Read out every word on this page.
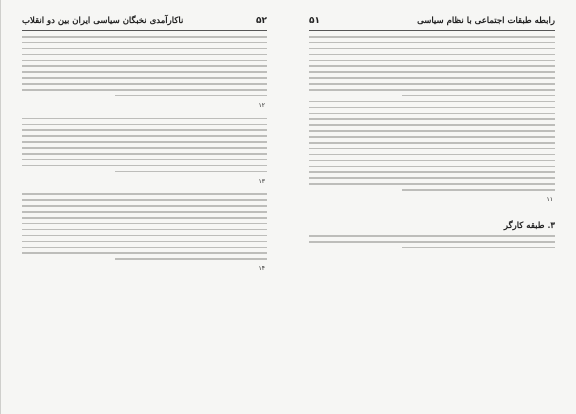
۵۲
ناکارآمدی نخبگان سیاسی ایران بین دو انقلاب
$^{۱۲}$
$^{۱۳}$
$^{۱۴}$
رابطه طبقات اجتماعی با نظام سیاسی
۵۱
$^{۱۱}$
۳. طبقه کارگر
